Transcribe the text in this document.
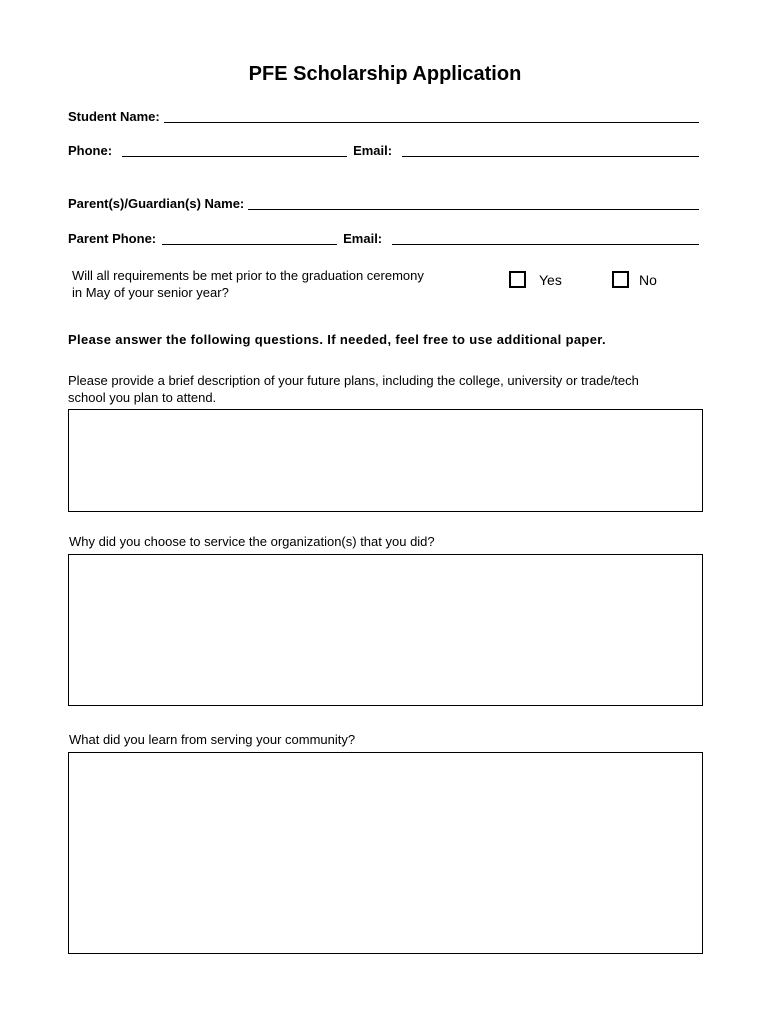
PFE Scholarship Application
Student Name:
Phone:	Email:
Parent(s)/Guardian(s) Name:
Parent Phone:	Email:
Will all requirements be met prior to the graduation ceremony
in May of your senior year?
Yes	No
Please answer the following questions. If needed, feel free to use additional paper.
Please provide a brief description of your future plans, including the college, university or trade/tech
school you plan to attend.
Why did you choose to service the organization(s) that you did?
What did you learn from serving your community?
